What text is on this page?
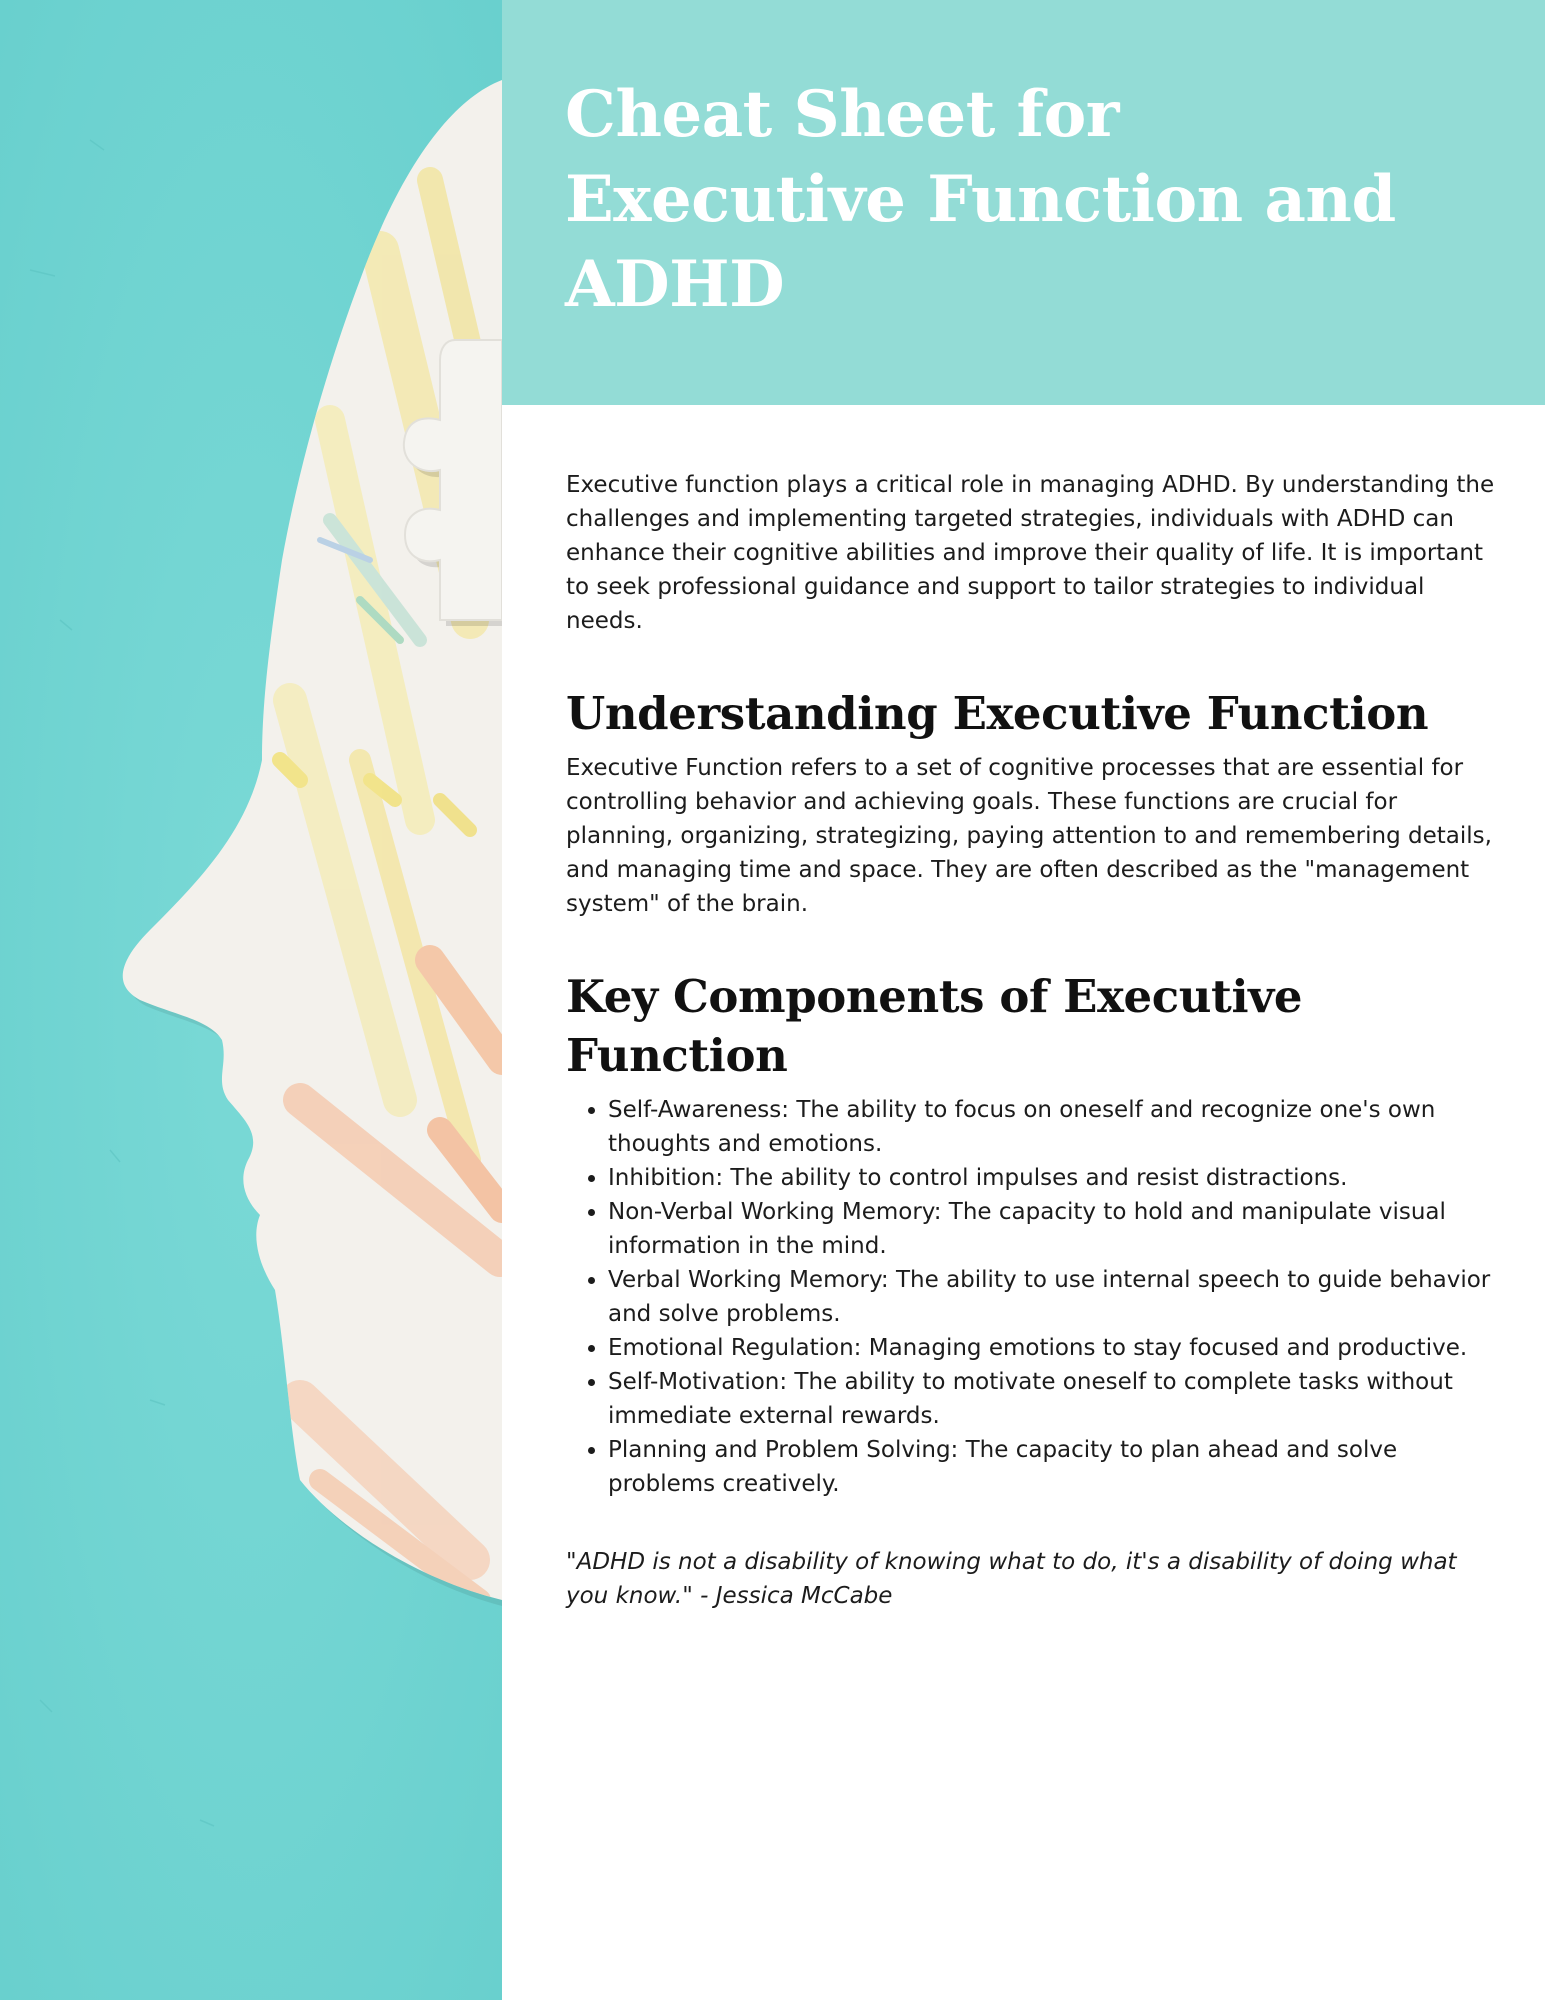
Cheat Sheet for Executive Function and ADHD

Executive function plays a critical role in managing ADHD. By understanding the challenges and implementing targeted strategies, individuals with ADHD can enhance their cognitive abilities and improve their quality of life. It is important to seek professional guidance and support to tailor strategies to individual needs.

Understanding Executive Function

Executive Function refers to a set of cognitive processes that are essential for controlling behavior and achieving goals. These functions are crucial for planning, organizing, strategizing, paying attention to and remembering details, and managing time and space. They are often described as the "management system" of the brain.

Key Components of Executive Function
• Self-Awareness: The ability to focus on oneself and recognize one's own thoughts and emotions.
• Inhibition: The ability to control impulses and resist distractions.
• Non-Verbal Working Memory: The capacity to hold and manipulate visual information in the mind.
• Verbal Working Memory: The ability to use internal speech to guide behavior and solve problems.
• Emotional Regulation: Managing emotions to stay focused and productive.
• Self-Motivation: The ability to motivate oneself to complete tasks without immediate external rewards.
• Planning and Problem Solving: The capacity to plan ahead and solve problems creatively.

"ADHD is not a disability of knowing what to do, it's a disability of doing what you know." - Jessica McCabe
